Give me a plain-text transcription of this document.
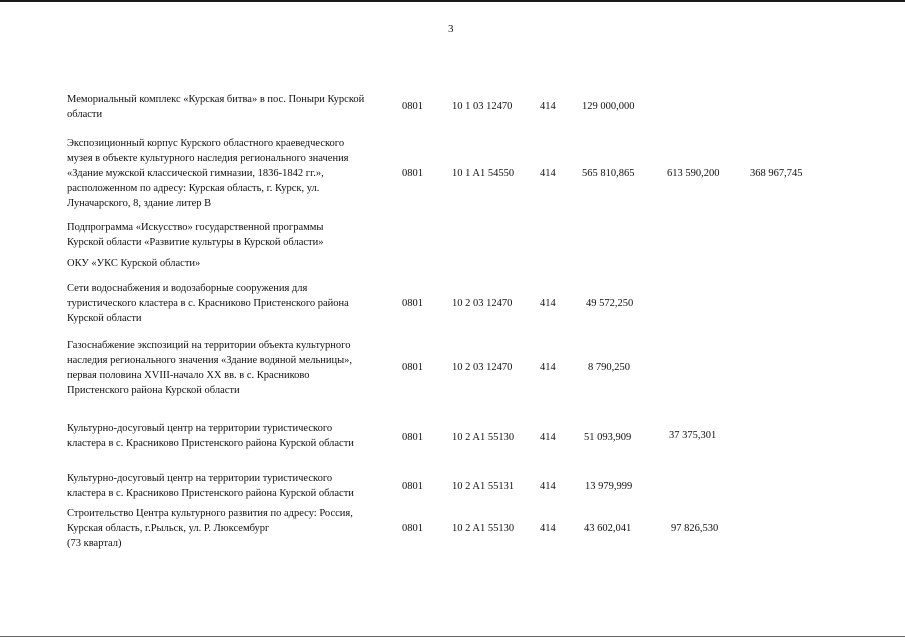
3
Мемориальный комплекс «Курская битва» в пос. Поныри Курской
области
0801	10 1 03 12470	414	129 000,000
Экспозиционный корпус Курского областного краеведческого
музея в объекте культурного наследия регионального значения
«Здание мужской классической гимназии, 1836-1842 гг.»,
расположенном по адресу: Курская область, г. Курск, ул.
Луначарского, 8, здание литер В
0801	10 1 A1 54550 414	565 810,865	613 590,200	368 967,745
Подпрограмма «Искусство» государственной программы
Курской области «Развитие культуры в Курской области»
ОКУ «УКС Курской области»
Сети водоснабжения и водозаборные сооружения для
туристического кластера в с. Красниково Пристенского района
Курской области
0801	10 2 03 12470	414	49 572,250
Газоснабжение экспозиций на территории объекта культурного
наследия регионального значения «Здание водяной мельницы»,
первая половина XVIII-начало XX вв. в с. Красниково
Пристенского района Курской области
0801	10 2 03 12470	414	8 790,250
Культурно-досуговый центр на территории туристического
кластера в с. Красниково Пристенского района Курской области
0801	10 2 A1 55130 414	51 093,909	37 375,301
Культурно-досуговый центр на территории туристического
кластера в с. Красниково Пристенского района Курской области
0801	10 2 A1 55131 414	13 979,999
Строительство Центра культурного развития по адресу: Россия,
Курская область, г.Рыльск, ул. Р. Люксембург
(73 квартал)
0801	10 2 A1 55130 414	43 602,041	97 826,530
